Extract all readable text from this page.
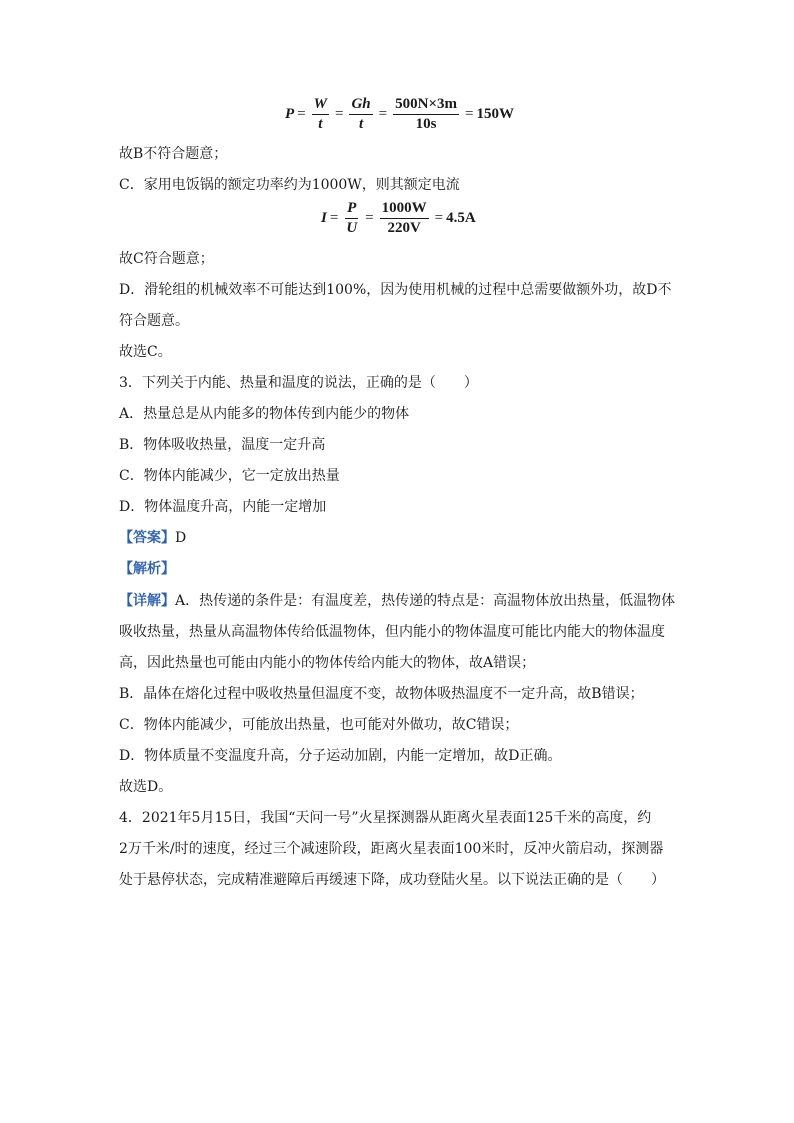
$P = \frac{W}{t} = \frac{Gh}{t} = \frac{500N\times 3m}{10s} = 150W$
故B不符合题意；
C．家用电饭锅的额定功率约为1000W，则其额定电流
$I = \frac{P}{U} = \frac{1000W}{220V} = 4.5A$
故C符合题意；
D．滑轮组的机械效率不可能达到100%，因为使用机械的过程中总需要做额外功，故D不
符合题意。
故选C。
3．下列关于内能、热量和温度的说法，正确的是（　　）
A．热量总是从内能多的物体传到内能少的物体
B．物体吸收热量，温度一定升高
C．物体内能减少，它一定放出热量
D．物体温度升高，内能一定增加
【答案】D
【解析】
【详解】A．热传递的条件是：有温度差，热传递的特点是：高温物体放出热量，低温物体
吸收热量，热量从高温物体传给低温物体，但内能小的物体温度可能比内能大的物体温度
高，因此热量也可能由内能小的物体传给内能大的物体，故A错误；
B．晶体在熔化过程中吸收热量但温度不变，故物体吸热温度不一定升高，故B错误；
C．物体内能减少，可能放出热量，也可能对外做功，故C错误；
D．物体质量不变温度升高，分子运动加剧，内能一定增加，故D正确。
故选D。
4．2021年5月15日，我国“天问一号”火星探测器从距离火星表面125千米的高度，约
2万千米/时的速度，经过三个减速阶段，距离火星表面100米时，反冲火箭启动，探测器
处于悬停状态，完成精准避障后再缓速下降，成功登陆火星。以下说法正确的是（　　）
